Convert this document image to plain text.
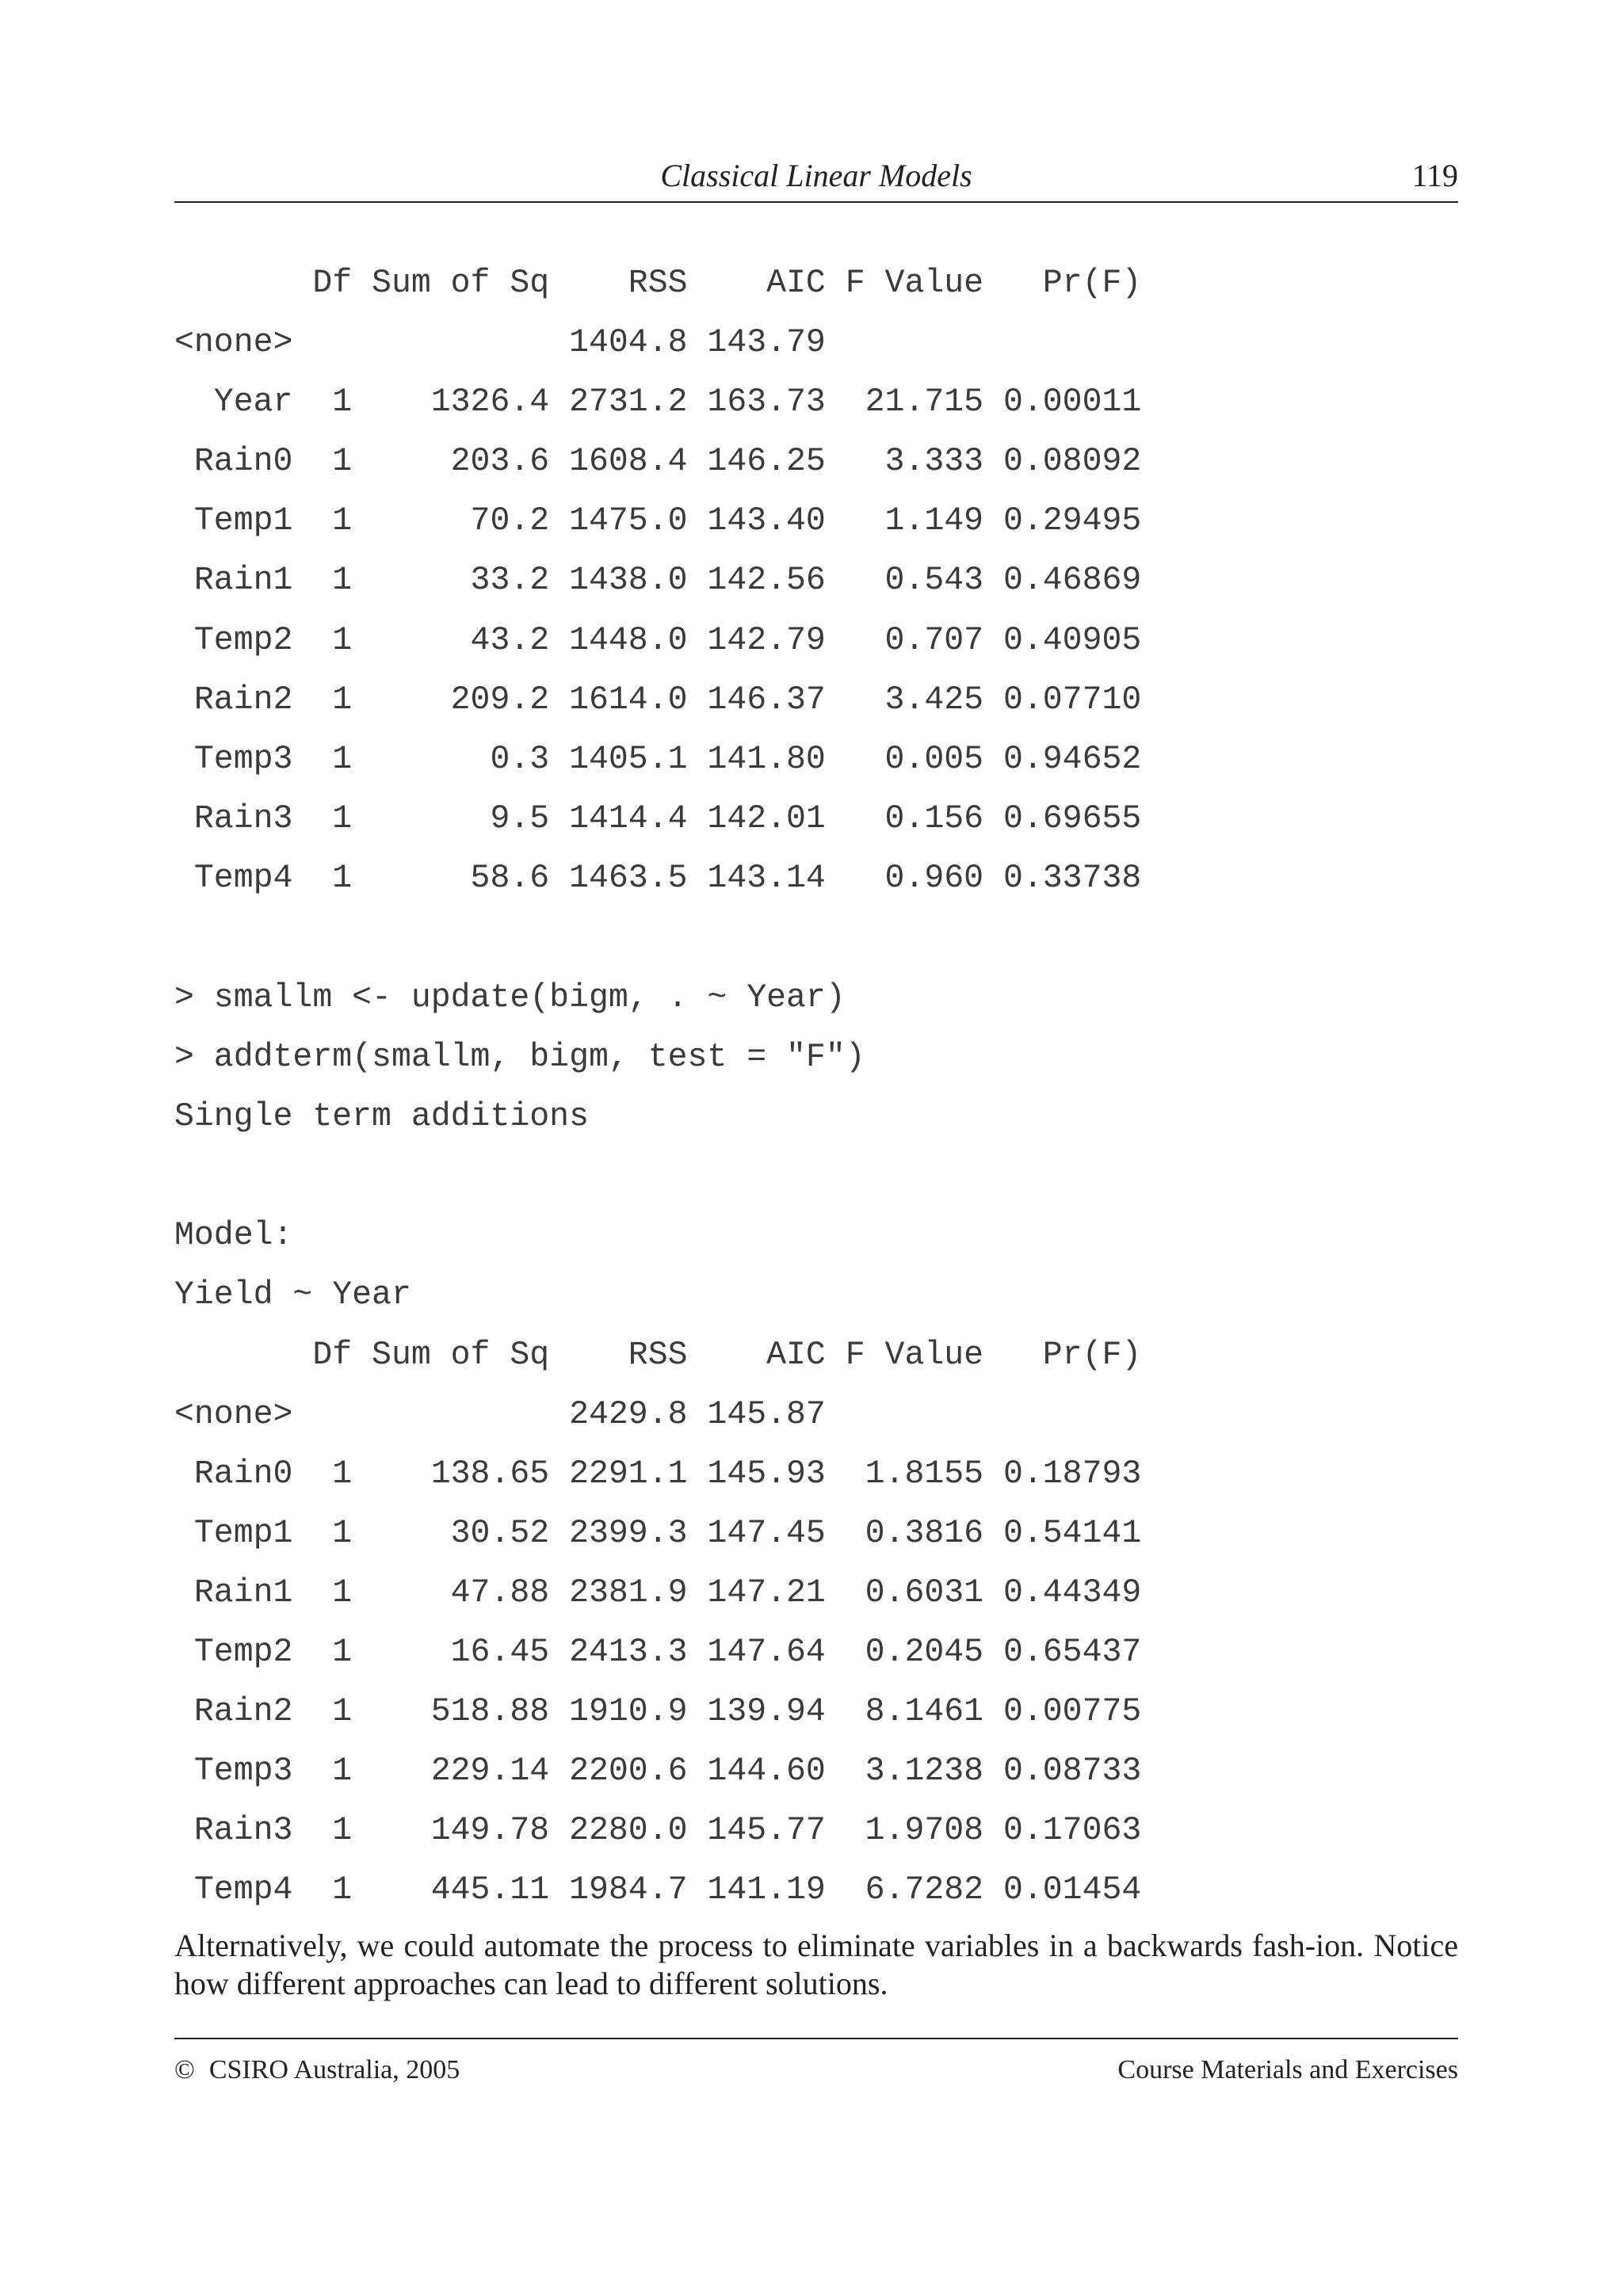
Classical Linear Models	119
Df Sum of Sq    RSS    AIC F Value   Pr(F)
<none>              1404.8 143.79
Year  1    1326.4 2731.2 163.73  21.715 0.00011
Rain0  1     203.6 1608.4 146.25   3.333 0.08092
Temp1  1      70.2 1475.0 143.40   1.149 0.29495
Rain1  1      33.2 1438.0 142.56   0.543 0.46869
Temp2  1      43.2 1448.0 142.79   0.707 0.40905
Rain2  1     209.2 1614.0 146.37   3.425 0.07710
Temp3  1       0.3 1405.1 141.80   0.005 0.94652
Rain3  1       9.5 1414.4 142.01   0.156 0.69655
Temp4  1      58.6 1463.5 143.14   0.960 0.33738
> smallm <- update(bigm, . ~ Year)
> addterm(smallm, bigm, test = "F")
Single term additions

Model:
Yield ~ Year
Df Sum of Sq    RSS    AIC F Value   Pr(F)
<none>              2429.8 145.87
Rain0  1    138.65 2291.1 145.93  1.8155 0.18793
Temp1  1     30.52 2399.3 147.45  0.3816 0.54141
Rain1  1     47.88 2381.9 147.21  0.6031 0.44349
Temp2  1     16.45 2413.3 147.64  0.2045 0.65437
Rain2  1    518.88 1910.9 139.94  8.1461 0.00775
Temp3  1    229.14 2200.6 144.60  3.1238 0.08733
Rain3  1    149.78 2280.0 145.77  1.9708 0.17063
Temp4  1    445.11 1984.7 141.19  6.7282 0.01454

Alternatively, we could automate the process to eliminate variables in a backwards fash-ion. Notice how different approaches can lead to different solutions.

© CSIRO Australia, 2005	Course Materials and Exercises
